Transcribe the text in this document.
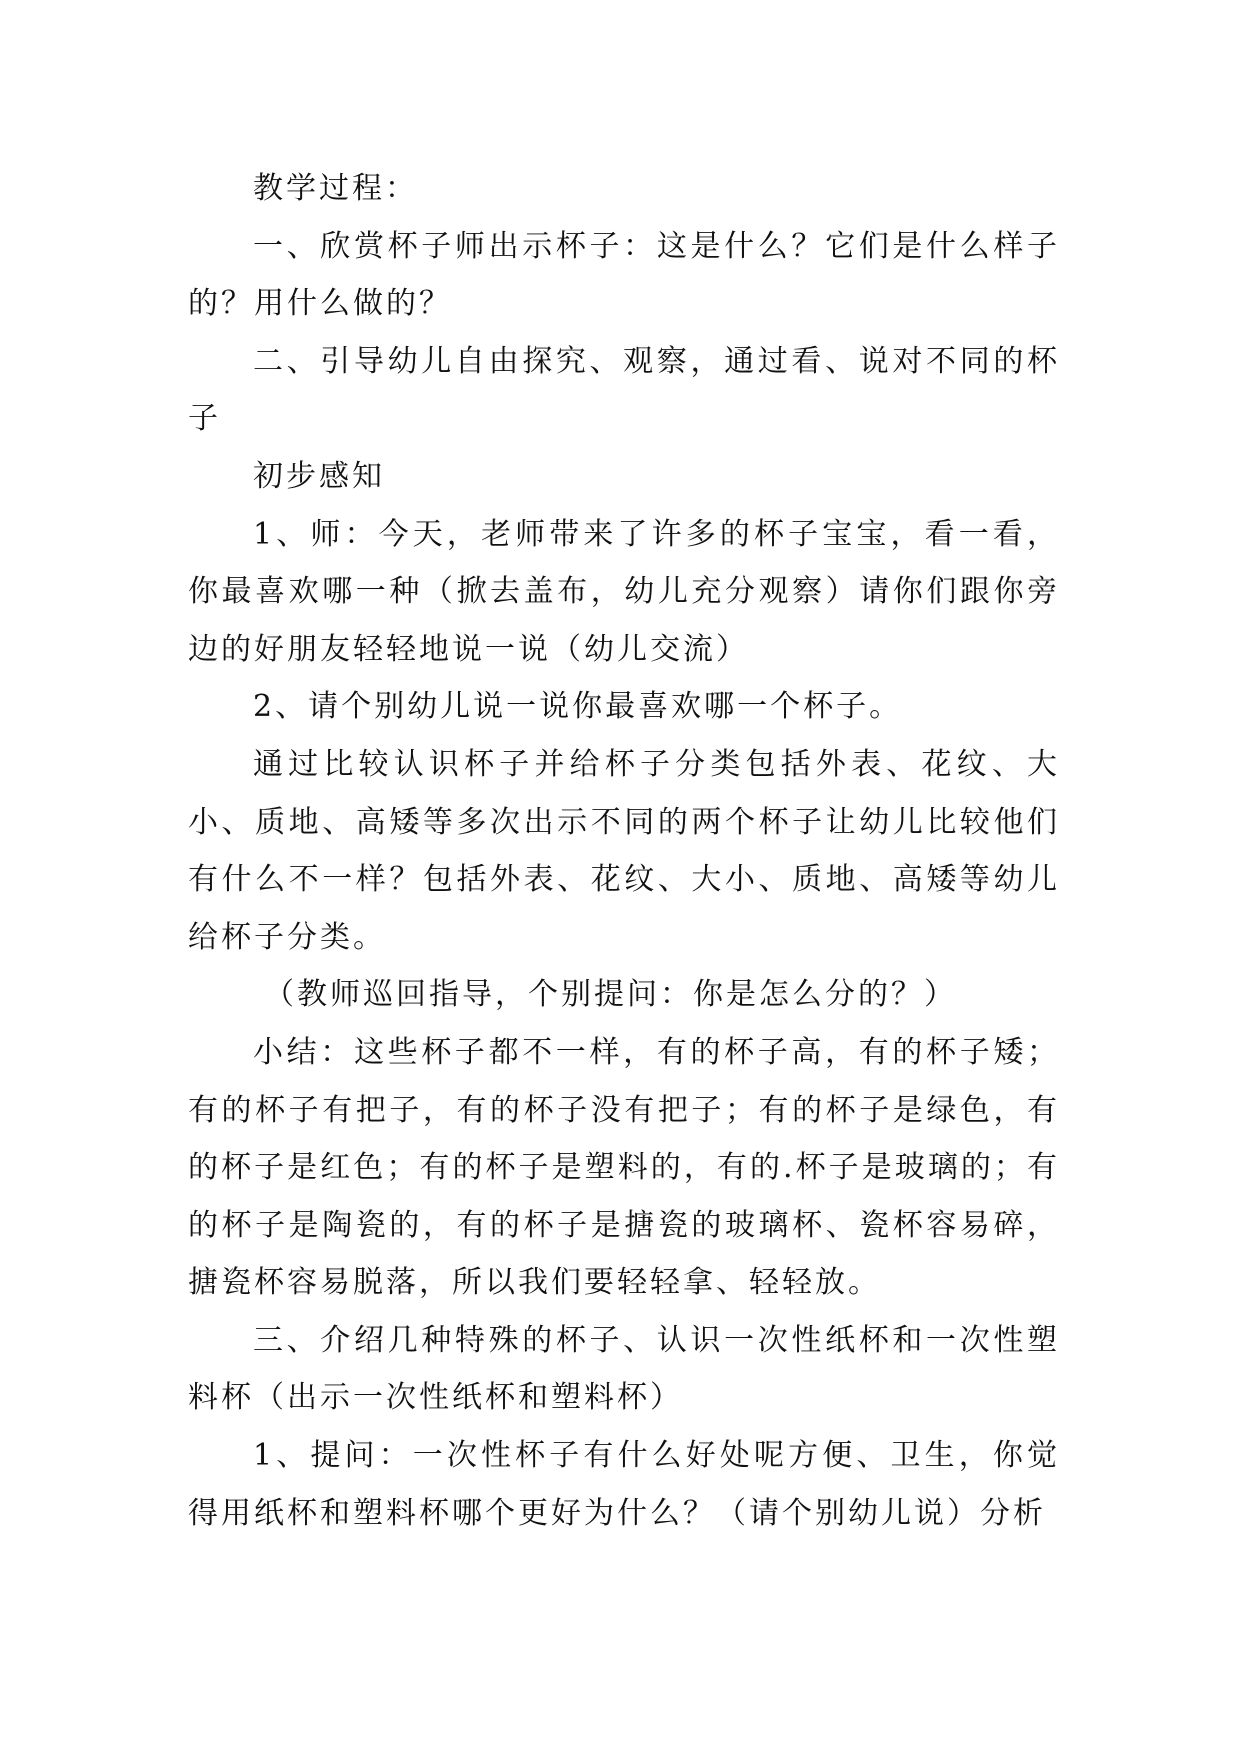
教学过程：

一、欣赏杯子师出示杯子：这是什么？它们是什么样子的？用什么做的？

二、引导幼儿自由探究、观察，通过看、说对不同的杯子

初步感知

1、师：今天，老师带来了许多的杯子宝宝，看一看，你最喜欢哪一种（掀去盖布，幼儿充分观察）请你们跟你旁边的好朋友轻轻地说一说（幼儿交流）

2、请个别幼儿说一说你最喜欢哪一个杯子。

通过比较认识杯子并给杯子分类包括外表、花纹、大小、质地、高矮等多次出示不同的两个杯子让幼儿比较他们有什么不一样？包括外表、花纹、大小、质地、高矮等幼儿给杯子分类。

（教师巡回指导，个别提问：你是怎么分的？）

小结：这些杯子都不一样，有的杯子高，有的杯子矮；有的杯子有把子，有的杯子没有把子；有的杯子是绿色，有的杯子是红色；有的杯子是塑料的，有的.杯子是玻璃的；有的杯子是陶瓷的，有的杯子是搪瓷的玻璃杯、瓷杯容易碎，搪瓷杯容易脱落，所以我们要轻轻拿、轻轻放。

三、介绍几种特殊的杯子、认识一次性纸杯和一次性塑料杯（出示一次性纸杯和塑料杯）

1、提问：一次性杯子有什么好处呢方便、卫生，你觉得用纸杯和塑料杯哪个更好为什么？（请个别幼儿说）分析
